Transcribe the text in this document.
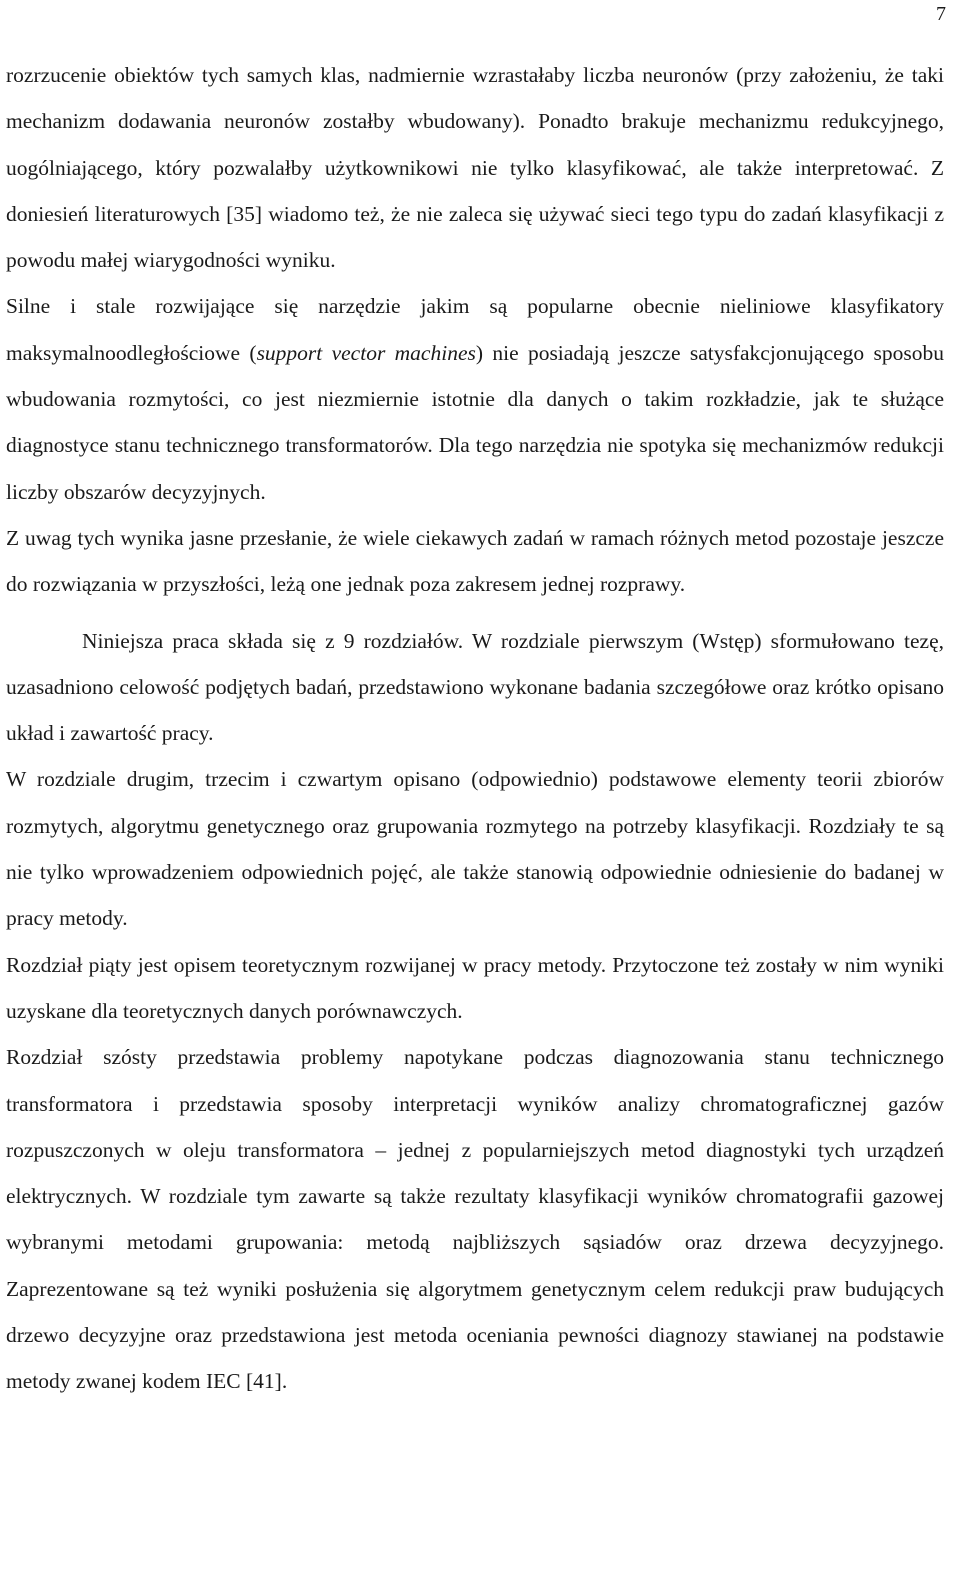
7

rozrzucenie obiektów tych samych klas, nadmiernie wzrastałaby liczba neuronów (przy założeniu, że taki mechanizm dodawania neuronów zostałby wbudowany). Ponadto brakuje mechanizmu redukcyjnego, uogólniającego, który pozwalałby użytkownikowi nie tylko klasyfikować, ale także interpretować. Z doniesień literaturowych [35] wiadomo też, że nie zaleca się używać sieci tego typu do zadań klasyfikacji z powodu małej wiarygodności wyniku.

Silne i stale rozwijające się narzędzie jakim są popularne obecnie nieliniowe klasyfikatory maksymalnoodległościowe (support vector machines) nie posiadają jeszcze satysfakcjonującego sposobu wbudowania rozmytości, co jest niezmiernie istotnie dla danych o takim rozkładzie, jak te służące diagnostyce stanu technicznego transformatorów. Dla tego narzędzia nie spotyka się mechanizmów redukcji liczby obszarów decyzyjnych.

Z uwag tych wynika jasne przesłanie, że wiele ciekawych zadań w ramach różnych metod pozostaje jeszcze do rozwiązania w przyszłości, leżą one jednak poza zakresem jednej rozprawy.

Niniejsza praca składa się z 9 rozdziałów. W rozdziale pierwszym (Wstęp) sformułowano tezę, uzasadniono celowość podjętych badań, przedstawiono wykonane badania szczegółowe oraz krótko opisano układ i zawartość pracy.

W rozdziale drugim, trzecim i czwartym opisano (odpowiednio) podstawowe elementy teorii zbiorów rozmytych, algorytmu genetycznego oraz grupowania rozmytego na potrzeby klasyfikacji. Rozdziały te są nie tylko wprowadzeniem odpowiednich pojęć, ale także stanowią odpowiednie odniesienie do badanej w pracy metody.

Rozdział piąty jest opisem teoretycznym rozwijanej w pracy metody. Przytoczone też zostały w nim wyniki uzyskane dla teoretycznych danych porównawczych.

Rozdział szósty przedstawia problemy napotykane podczas diagnozowania stanu technicznego transformatora i przedstawia sposoby interpretacji wyników analizy chromatograficznej gazów rozpuszczonych w oleju transformatora – jednej z popularniejszych metod diagnostyki tych urządzeń elektrycznych. W rozdziale tym zawarte są także rezultaty klasyfikacji wyników chromatografii gazowej wybranymi metodami grupowania: metodą najbliższych sąsiadów oraz drzewa decyzyjnego. Zaprezentowane są też wyniki posłużenia się algorytmem genetycznym celem redukcji praw budujących drzewo decyzyjne oraz przedstawiona jest metoda oceniania pewności diagnozy stawianej na podstawie metody zwanej kodem IEC [41].
